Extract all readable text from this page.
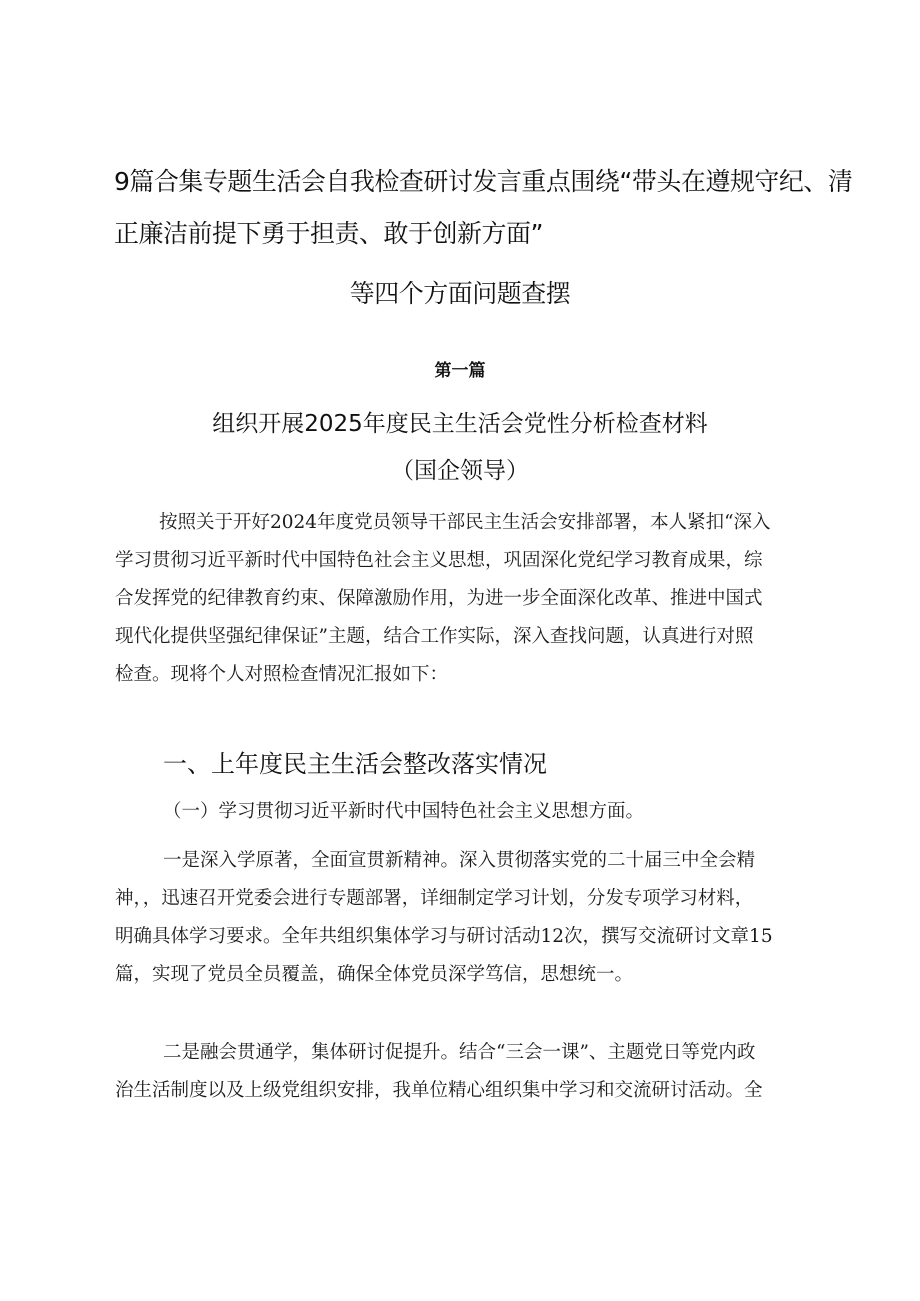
9篇合集专题生活会自我检查研讨发言重点围绕“带头在遵规守纪、清
正廉洁前提下勇于担责、敢于创新方面”
等四个方面问题查摆
第一篇
组织开展2025年度民主生活会党性分析检查材料
（国企领导）
按照关于开好2024年度党员领导干部民主生活会安排部署，本人紧扣“深入
学习贯彻习近平新时代中国特色社会主义思想，巩固深化党纪学习教育成果，综
合发挥党的纪律教育约束、保障激励作用，为进一步全面深化改革、推进中国式
现代化提供坚强纪律保证”主题，结合工作实际，深入查找问题，认真进行对照
检查。现将个人对照检查情况汇报如下：
一、上年度民主生活会整改落实情况
（一）学习贯彻习近平新时代中国特色社会主义思想方面。
一是深入学原著，全面宣贯新精神。深入贯彻落实党的二十届三中全会精
神，，迅速召开党委会进行专题部署，详细制定学习计划，分发专项学习材料，
明确具体学习要求。全年共组织集体学习与研讨活动12次，撰写交流研讨文章15
篇，实现了党员全员覆盖，确保全体党员深学笃信，思想统一。
二是融会贯通学，集体研讨促提升。结合“三会一课”、主题党日等党内政
治生活制度以及上级党组织安排，我单位精心组织集中学习和交流研讨活动。全
